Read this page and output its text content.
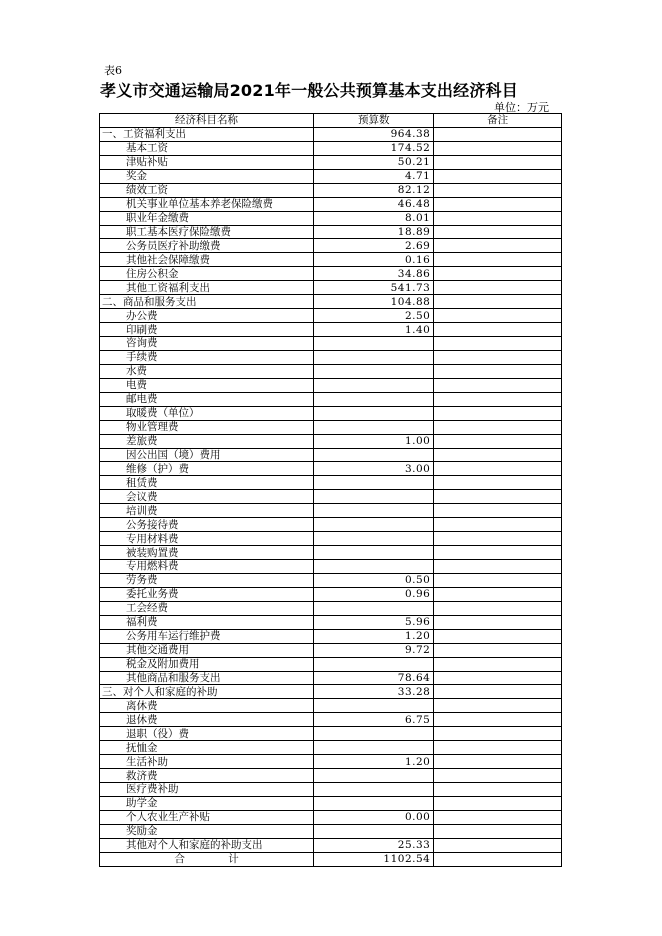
表6
孝义市交通运输局2021年一般公共预算基本支出经济科目
单位：万元
经济科目名称	预算数	备注
一、工资福利支出	964.38	
基本工资	174.52	
津贴补贴	50.21	
奖金	4.71	
绩效工资	82.12	
机关事业单位基本养老保险缴费	46.48	
职业年金缴费	8.01	
职工基本医疗保险缴费	18.89	
公务员医疗补助缴费	2.69	
其他社会保障缴费	0.16	
住房公积金	34.86	
其他工资福利支出	541.73	
二、商品和服务支出	104.88	
办公费	2.50	
印刷费	1.40	
咨询费		
手续费		
水费		
电费		
邮电费		
取暖费（单位）		
物业管理费		
差旅费	1.00	
因公出国（境）费用		
维修（护）费	3.00	
租赁费		
会议费		
培训费		
公务接待费		
专用材料费		
被装购置费		
专用燃料费		
劳务费	0.50	
委托业务费	0.96	
工会经费		
福利费	5.96	
公务用车运行维护费	1.20	
其他交通费用	9.72	
税金及附加费用		
其他商品和服务支出	78.64	
三、对个人和家庭的补助	33.28	
离休费		
退休费	6.75	
退职（役）费		
抚恤金		
生活补助	1.20	
救济费		
医疗费补助		
助学金		
个人农业生产补贴	0.00	
奖励金		
其他对个人和家庭的补助支出	25.33	
合 计	1102.54	
